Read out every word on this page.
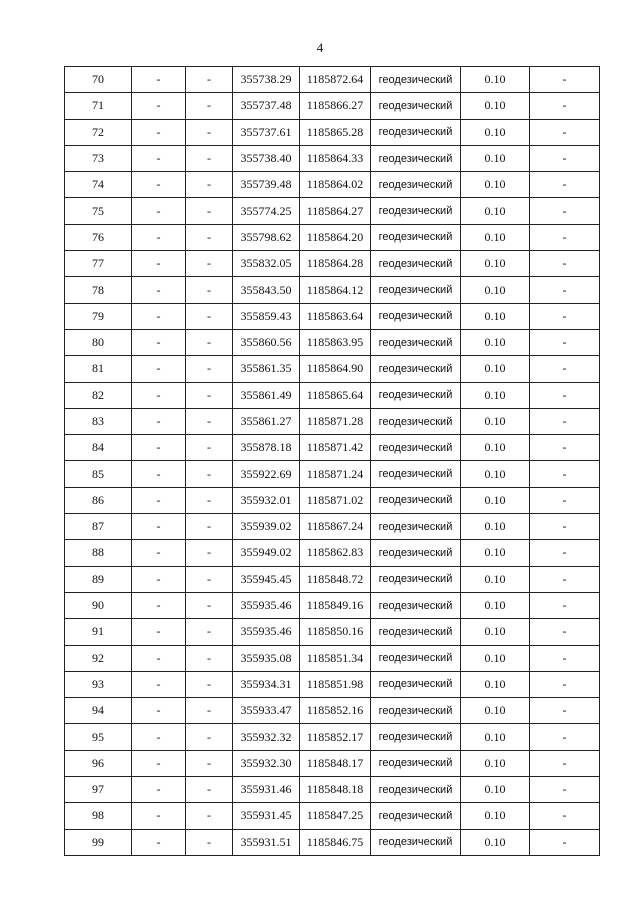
4
70	-	-	355738.29	1185872.64	геодезический	0.10	-
71	-	-	355737.48	1185866.27	геодезический	0.10	-
72	-	-	355737.61	1185865.28	геодезический	0.10	-
73	-	-	355738.40	1185864.33	геодезический	0.10	-
74	-	-	355739.48	1185864.02	геодезический	0.10	-
75	-	-	355774.25	1185864.27	геодезический	0.10	-
76	-	-	355798.62	1185864.20	геодезический	0.10	-
77	-	-	355832.05	1185864.28	геодезический	0.10	-
78	-	-	355843.50	1185864.12	геодезический	0.10	-
79	-	-	355859.43	1185863.64	геодезический	0.10	-
80	-	-	355860.56	1185863.95	геодезический	0.10	-
81	-	-	355861.35	1185864.90	геодезический	0.10	-
82	-	-	355861.49	1185865.64	геодезический	0.10	-
83	-	-	355861.27	1185871.28	геодезический	0.10	-
84	-	-	355878.18	1185871.42	геодезический	0.10	-
85	-	-	355922.69	1185871.24	геодезический	0.10	-
86	-	-	355932.01	1185871.02	геодезический	0.10	-
87	-	-	355939.02	1185867.24	геодезический	0.10	-
88	-	-	355949.02	1185862.83	геодезический	0.10	-
89	-	-	355945.45	1185848.72	геодезический	0.10	-
90	-	-	355935.46	1185849.16	геодезический	0.10	-
91	-	-	355935.46	1185850.16	геодезический	0.10	-
92	-	-	355935.08	1185851.34	геодезический	0.10	-
93	-	-	355934.31	1185851.98	геодезический	0.10	-
94	-	-	355933.47	1185852.16	геодезический	0.10	-
95	-	-	355932.32	1185852.17	геодезический	0.10	-
96	-	-	355932.30	1185848.17	геодезический	0.10	-
97	-	-	355931.46	1185848.18	геодезический	0.10	-
98	-	-	355931.45	1185847.25	геодезический	0.10	-
99	-	-	355931.51	1185846.75	геодезический	0.10	-
